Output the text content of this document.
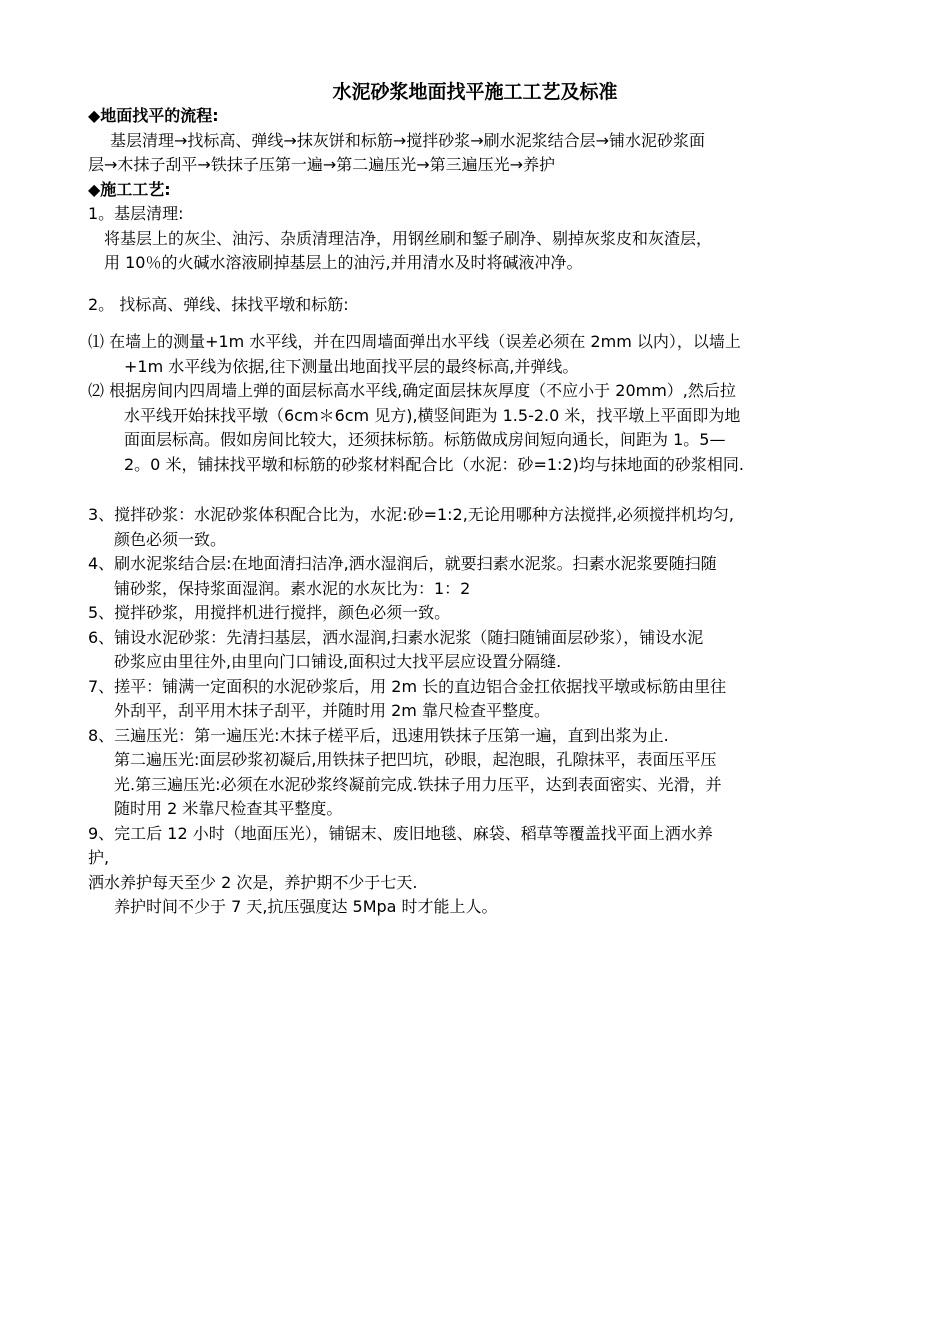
水泥砂浆地面找平施工工艺及标准

◆地面找平的流程:

基层清理→找标高、弹线→抹灰饼和标筋→搅拌砂浆→刷水泥浆结合层→铺水泥砂浆面

层→木抹子刮平→铁抹子压第一遍→第二遍压光→第三遍压光→养护

◆施工工艺:

1。基层清理:

将基层上的灰尘、油污、杂质清理洁净，用钢丝刷和錾子刷净、剔掉灰浆皮和灰渣层，

用 10％的火碱水溶液刷掉基层上的油污,并用清水及时将碱液冲净。

2。 找标高、弹线、抹找平墩和标筋:

⑴ 在墙上的测量+1m 水平线，并在四周墙面弹出水平线（误差必须在 2mm 以内），以墙上

+1m 水平线为依据,往下测量出地面找平层的最终标高,并弹线。

⑵ 根据房间内四周墙上弹的面层标高水平线,确定面层抹灰厚度（不应小于 20mm）,然后拉

水平线开始抹找平墩（6cm＊6cm 见方),横竖间距为 1.5-2.0 米，找平墩上平面即为地

面面层标高。假如房间比较大，还须抹标筋。标筋做成房间短向通长，间距为 1。5—

2。0 米，铺抹找平墩和标筋的砂浆材料配合比（水泥：砂=1:2)均与抹地面的砂浆相同.

3、搅拌砂浆：水泥砂浆体积配合比为，水泥:砂=1:2,无论用哪种方法搅拌,必须搅拌机均匀,

颜色必须一致。

4、刷水泥浆结合层:在地面清扫洁净,洒水湿润后，就要扫素水泥浆。扫素水泥浆要随扫随

铺砂浆，保持浆面湿润。素水泥的水灰比为：1：2

5、搅拌砂浆，用搅拌机进行搅拌，颜色必须一致。

6、铺设水泥砂浆：先清扫基层，洒水湿润,扫素水泥浆（随扫随铺面层砂浆），铺设水泥

砂浆应由里往外,由里向门口铺设,面积过大找平层应设置分隔缝.

7、搓平：铺满一定面积的水泥砂浆后，用 2m 长的直边铝合金扛依据找平墩或标筋由里往

外刮平，刮平用木抹子刮平，并随时用 2m 靠尺检查平整度。

8、三遍压光：第一遍压光:木抹子槎平后，迅速用铁抹子压第一遍，直到出浆为止.

第二遍压光:面层砂浆初凝后,用铁抹子把凹坑，砂眼，起泡眼，孔隙抹平，表面压平压

光.第三遍压光:必须在水泥砂浆终凝前完成.铁抹子用力压平，达到表面密实、光滑，并

随时用 2 米靠尺检查其平整度。

9、完工后 12 小时（地面压光），铺锯末、废旧地毯、麻袋、稻草等覆盖找平面上洒水养

护,

洒水养护每天至少 2 次是，养护期不少于七天.

养护时间不少于 7 天,抗压强度达 5Mpa 时才能上人。
